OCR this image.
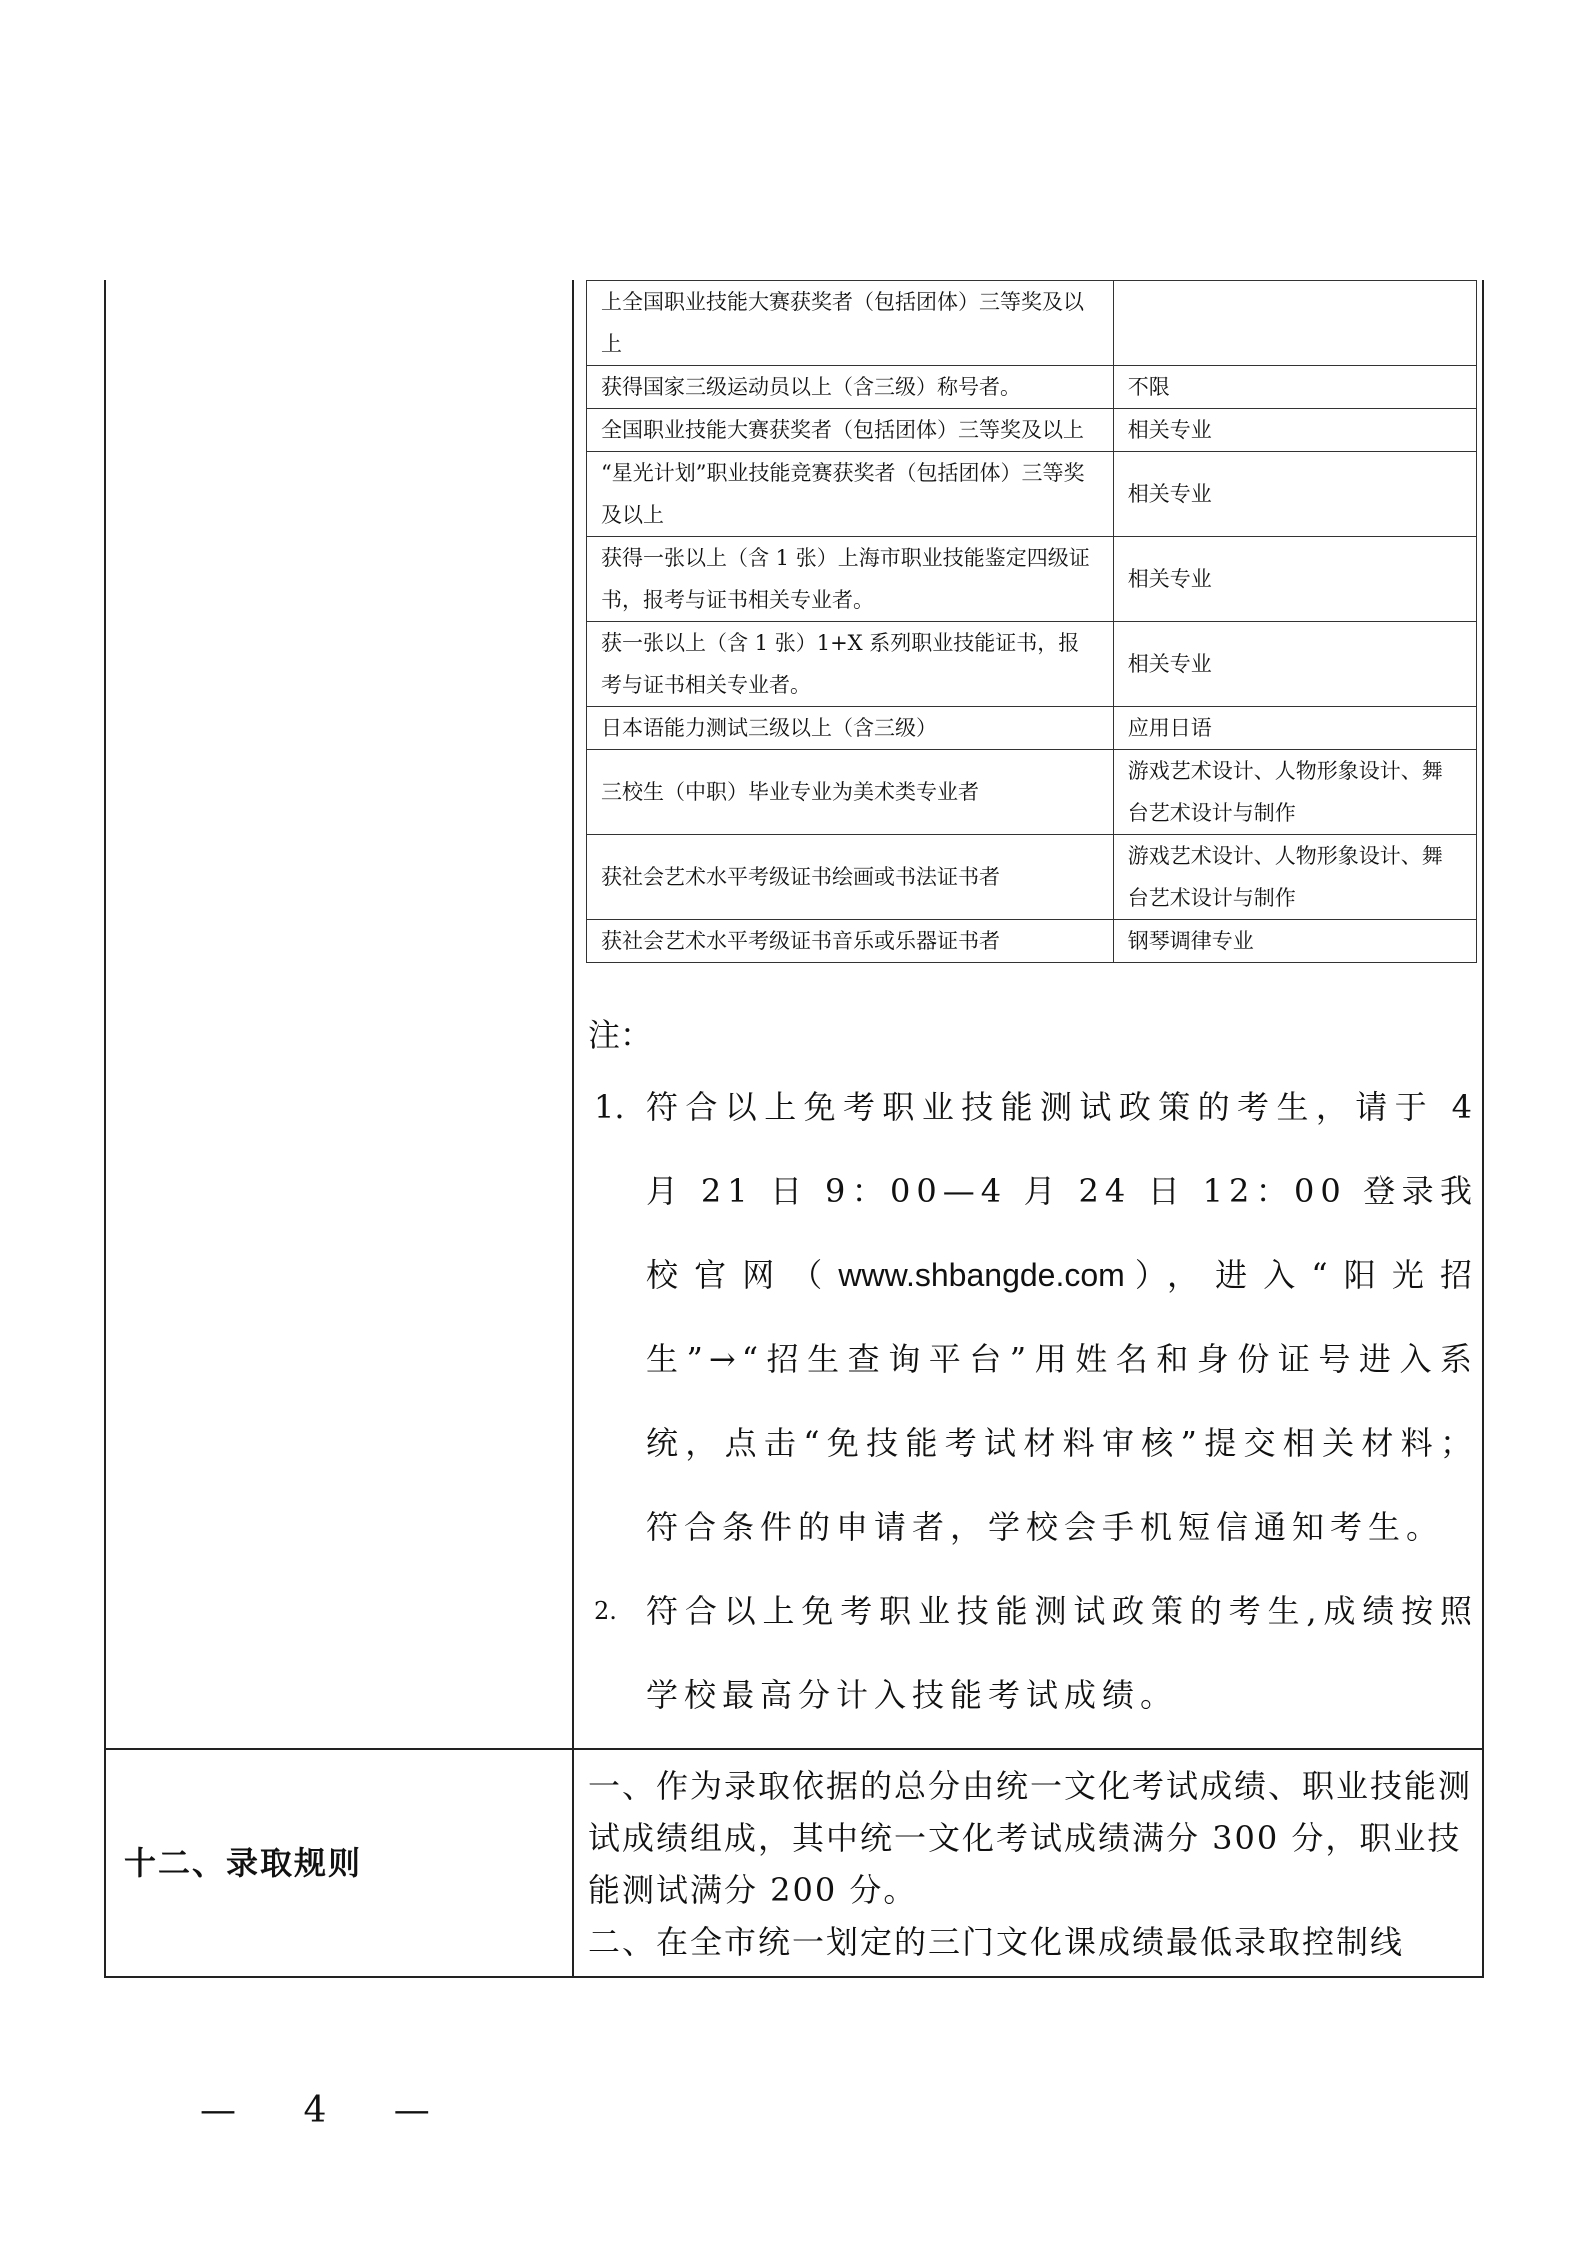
上全国职业技能大赛获奖者（包括团体）三等奖及以上	
获得国家三级运动员以上（含三级）称号者。	不限
全国职业技能大赛获奖者（包括团体）三等奖及以上	相关专业
“星光计划”职业技能竞赛获奖者（包括团体）三等奖及以上	相关专业
获得一张以上（含 1 张）上海市职业技能鉴定四级证书，报考与证书相关专业者。	相关专业
获一张以上（含 1 张）1+X 系列职业技能证书，报考与证书相关专业者。	相关专业
日本语能力测试三级以上（含三级）	应用日语
三校生（中职）毕业专业为美术类专业者	游戏艺术设计、人物形象设计、舞台艺术设计与制作
获社会艺术水平考级证书绘画或书法证书者	游戏艺术设计、人物形象设计、舞台艺术设计与制作
获社会艺术水平考级证书音乐或乐器证书者	钢琴调律专业

注：

1. 符合以上免考职业技能测试政策的考生，请于 4 月 21 日 9：00—4 月 24 日 12：00 登录我校官网（www.shbangde.com），进入“阳光招生”→“招生查询平台”用姓名和身份证号进入系统，点击“免技能考试材料审核”提交相关材料；符合条件的申请者，学校会手机短信通知考生。

2. 符合以上免考职业技能测试政策的考生,成绩按照学校最高分计入技能考试成绩。

十二、录取规则
一、作为录取依据的总分由统一文化考试成绩、职业技能测试成绩组成，其中统一文化考试成绩满分 300 分，职业技能测试满分 200 分。
二、在全市统一划定的三门文化课成绩最低录取控制线
— 4 —
